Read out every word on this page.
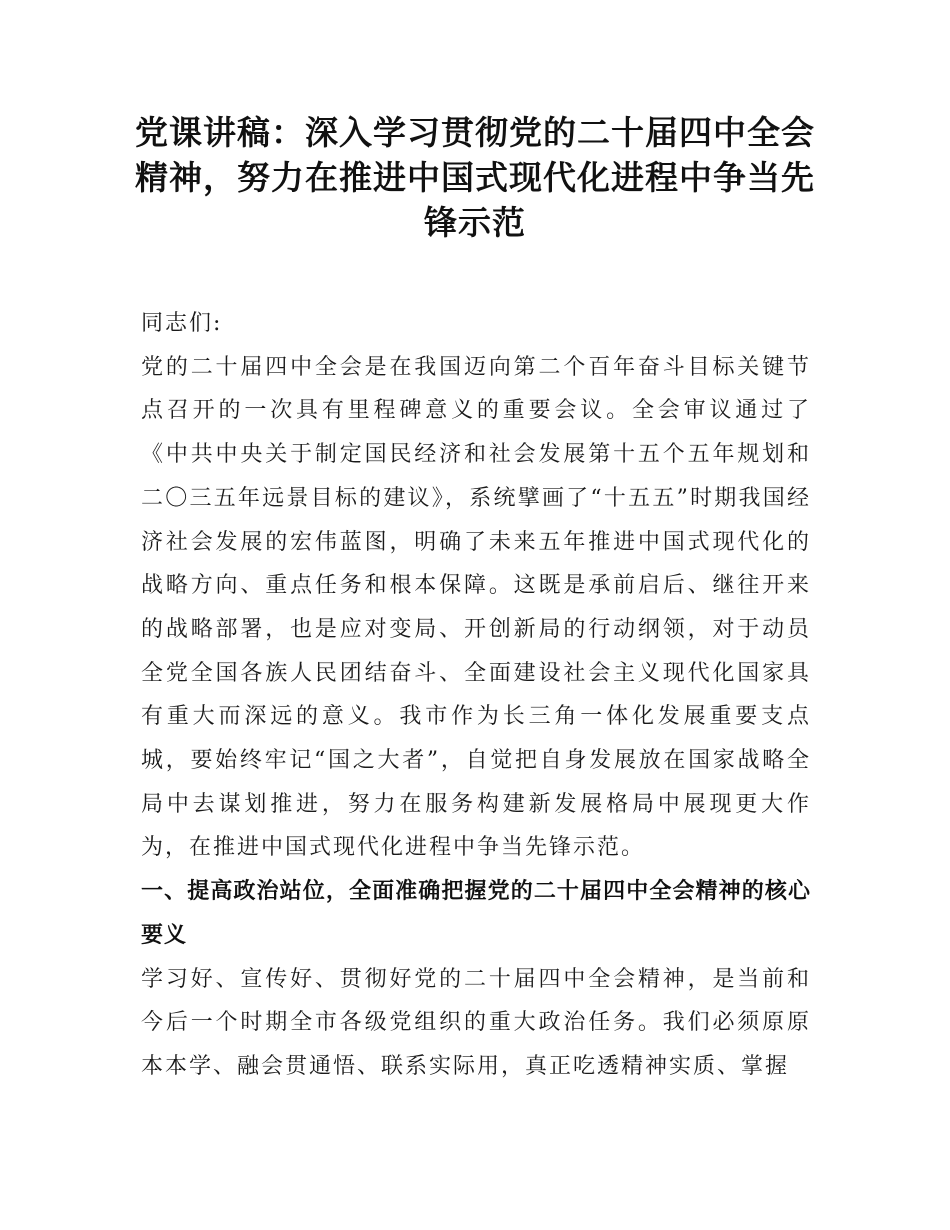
党课讲稿：深入学习贯彻党的二十届四中全会精神，努力在推进中国式现代化进程中争当先锋示范

同志们:

党的二十届四中全会是在我国迈向第二个百年奋斗目标关键节点召开的一次具有里程碑意义的重要会议。全会审议通过了《中共中央关于制定国民经济和社会发展第十五个五年规划和二〇三五年远景目标的建议》，系统擘画了“十五五”时期我国经济社会发展的宏伟蓝图，明确了未来五年推进中国式现代化的战略方向、重点任务和根本保障。这既是承前启后、继往开来的战略部署，也是应对变局、开创新局的行动纲领，对于动员全党全国各族人民团结奋斗、全面建设社会主义现代化国家具有重大而深远的意义。我市作为长三角一体化发展重要支点城，要始终牢记“国之大者”，自觉把自身发展放在国家战略全局中去谋划推进，努力在服务构建新发展格局中展现更大作为，在推进中国式现代化进程中争当先锋示范。

一、提高政治站位，全面准确把握党的二十届四中全会精神的核心要义

学习好、宣传好、贯彻好党的二十届四中全会精神，是当前和今后一个时期全市各级党组织的重大政治任务。我们必须原原本本学、融会贯通悟、联系实际用，真正吃透精神实质、掌握
